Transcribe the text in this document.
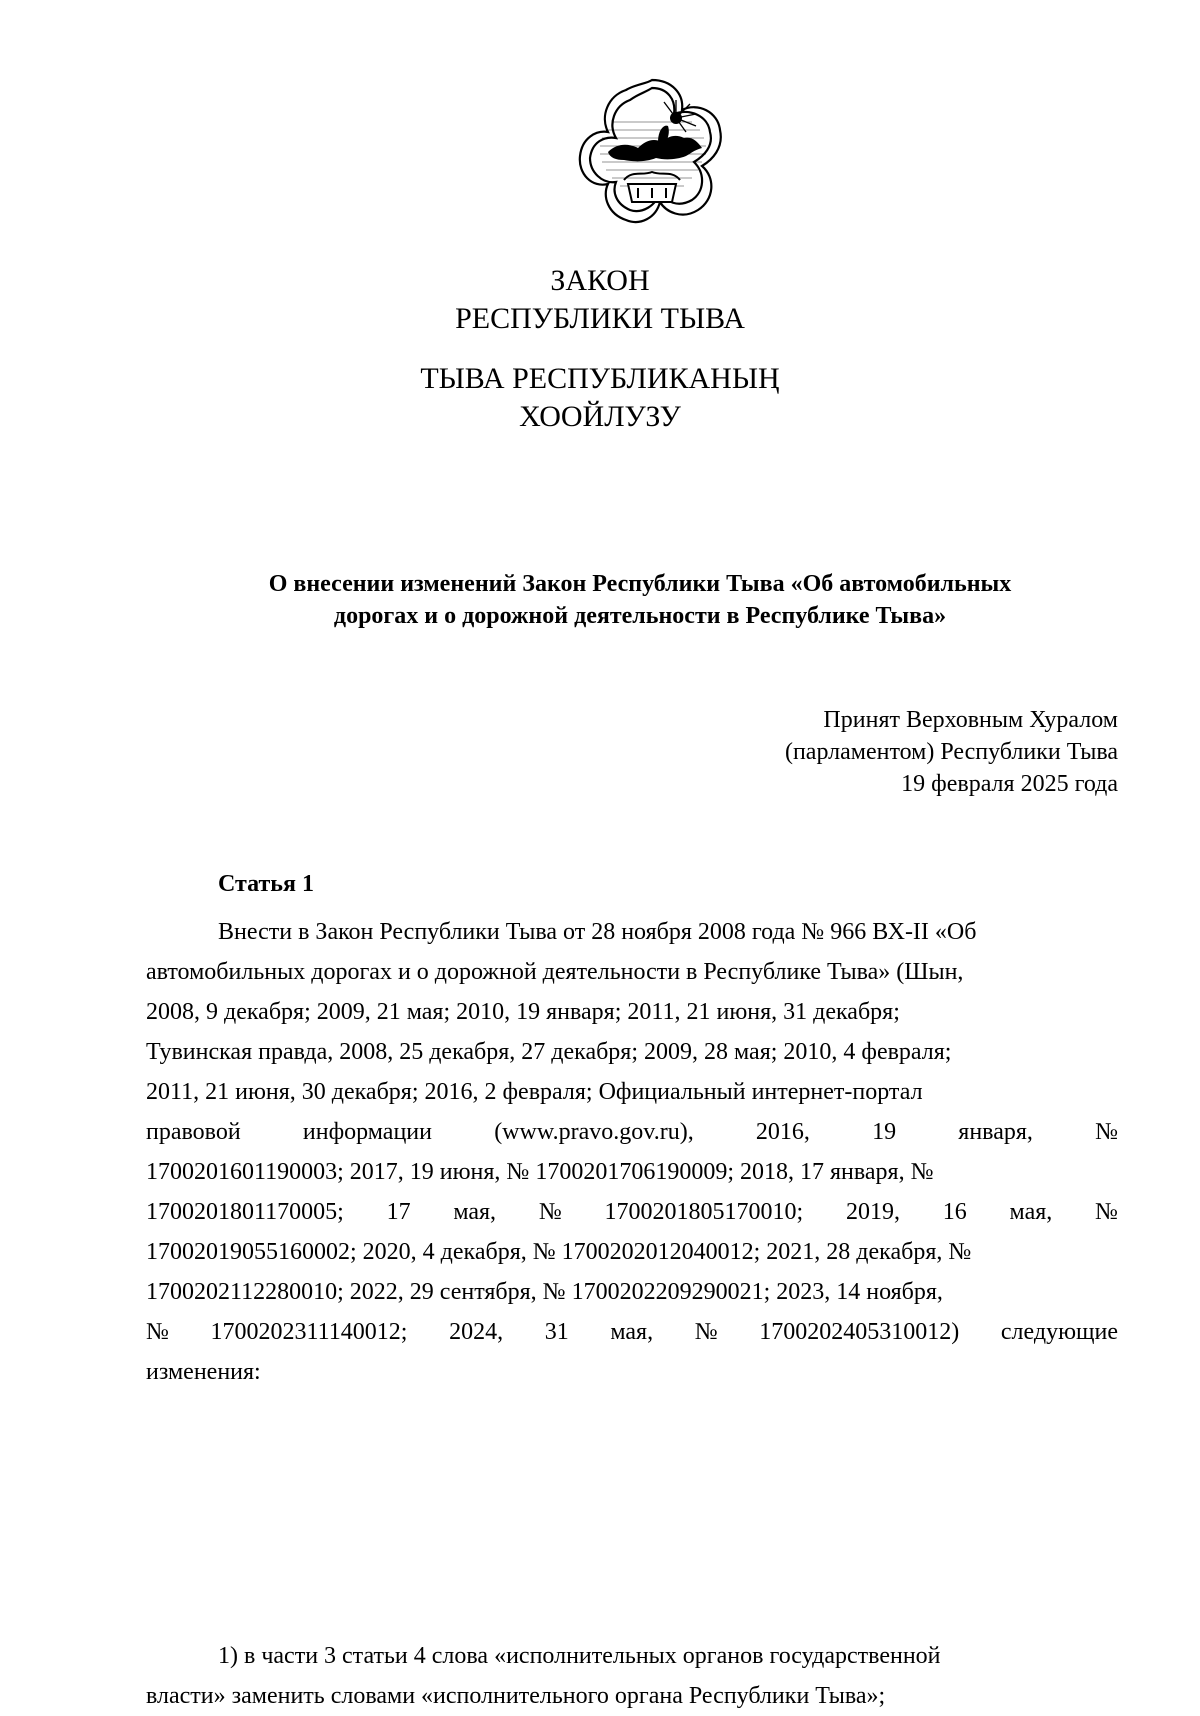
ЗАКОН
РЕСПУБЛИКИ ТЫВА
ТЫВА РЕСПУБЛИКАНЫҢ
ХООЙЛУЗУ
О внесении изменений Закон Республики Тыва «Об автомобильных
дорогах и о дорожной деятельности в Республике Тыва»
Принят Верховным Хуралом
(парламентом) Республики Тыва
19 февраля 2025 года
Статья 1
Внести в Закон Республики Тыва от 28 ноября 2008 года № 966 ВХ-II «Об
автомобильных дорогах и о дорожной деятельности в Республике Тыва» (Шын,
2008, 9 декабря; 2009, 21 мая; 2010, 19 января; 2011, 21 июня, 31 декабря;
Тувинская правда, 2008, 25 декабря, 27 декабря; 2009, 28 мая; 2010, 4 февраля;
2011, 21 июня, 30 декабря; 2016, 2 февраля; Официальный интернет-портал
правовой	информации	(www.pravo.gov.ru),	2016,	19	января,	№
1700201601190003; 2017, 19 июня, № 1700201706190009; 2018, 17 января, №
1700201801170005; 17 мая, № 1700201805170010; 2019, 16 мая, №
17002019055160002; 2020, 4 декабря, № 1700202012040012; 2021, 28 декабря, №
1700202112280010; 2022, 29 сентября, № 1700202209290021; 2023, 14 ноября,
№ 1700202311140012; 2024, 31 мая, № 1700202405310012) следующие
изменения:
1) в части 3 статьи 4 слова «исполнительных органов государственной
власти» заменить словами «исполнительного органа Республики Тыва»;
